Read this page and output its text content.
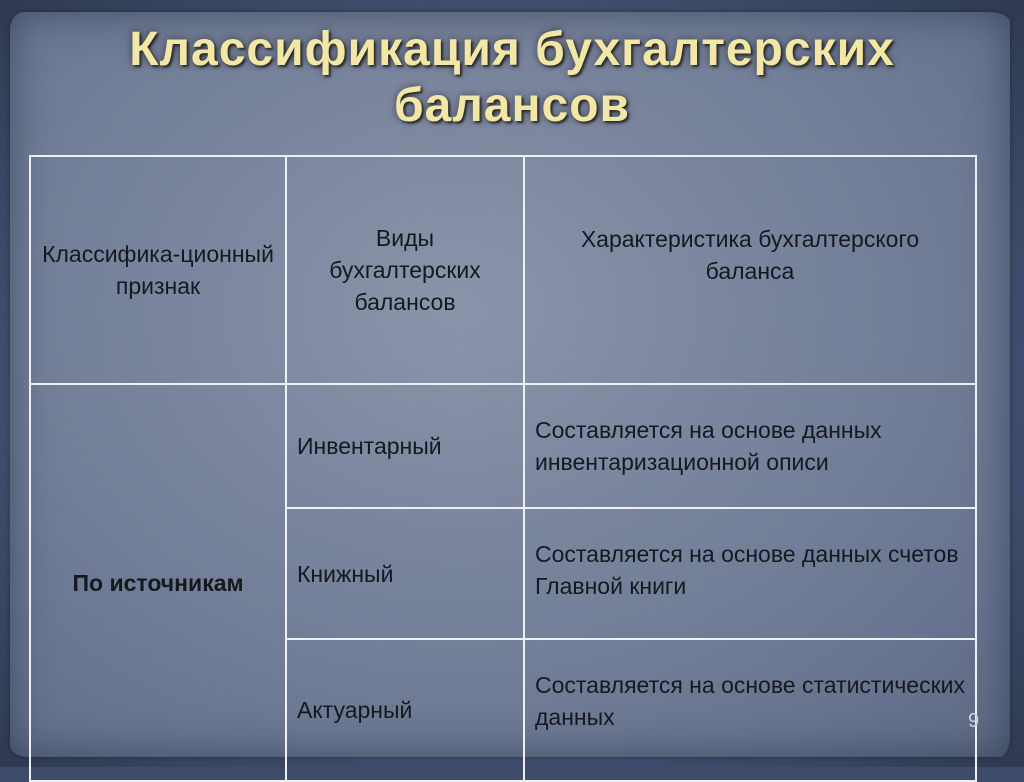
Классификация бухгалтерских
балансов
Классифика-ционный признак	Виды бухгалтерских балансов	Характеристика бухгалтерского баланса
По источникам	Инвентарный	Составляется на основе данных инвентаризационной описи
	Книжный	Составляется на основе данных счетов Главной книги
	Актуарный	Составляется на основе статистических данных	9
